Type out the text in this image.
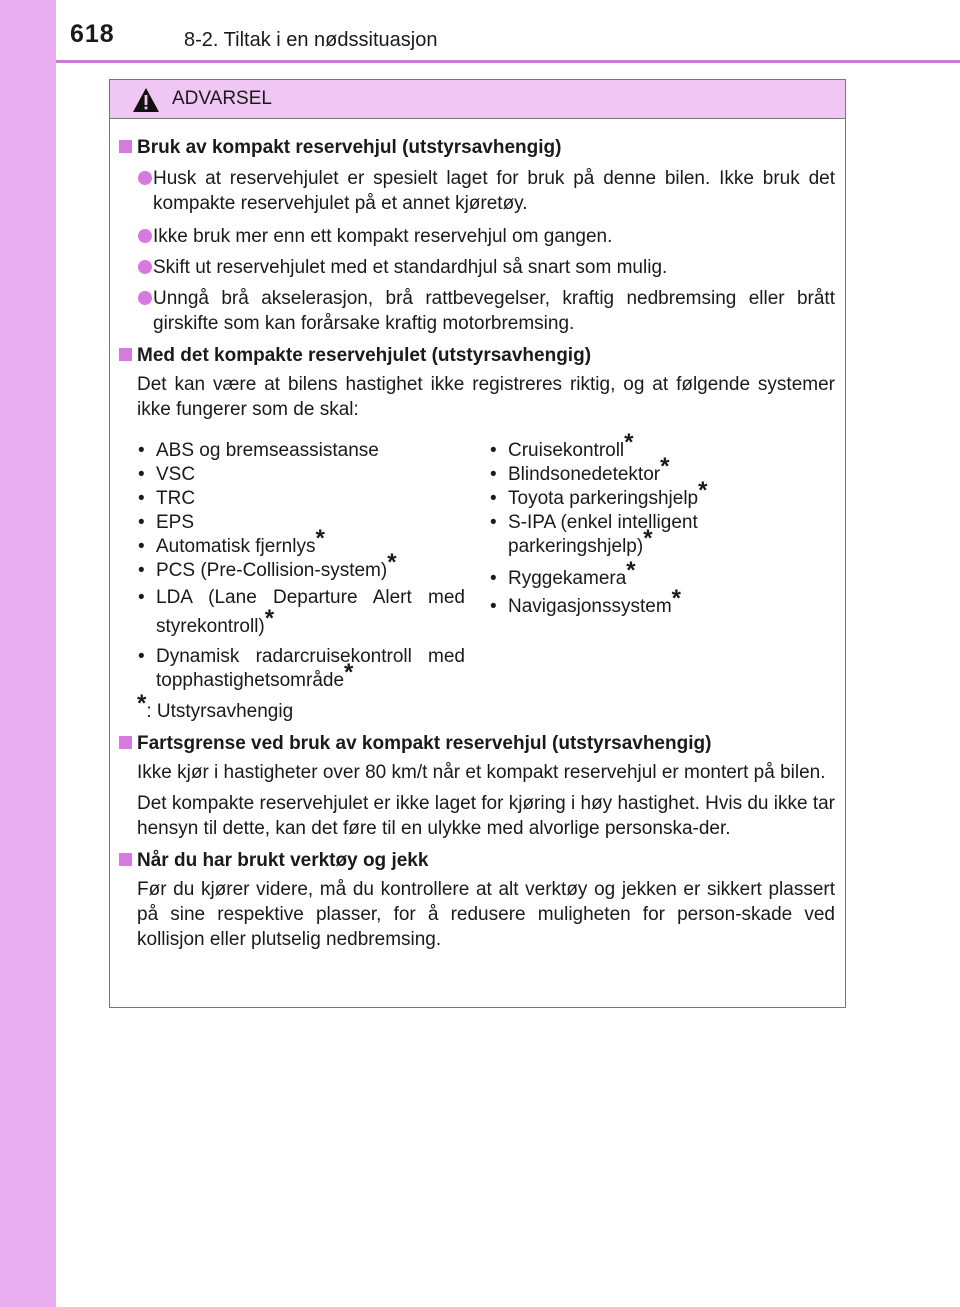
618	8-2. Tiltak i en nødssituasjon
ADVARSEL
Bruk av kompakt reservehjul (utstyrsavhengig)
Husk at reservehjulet er spesielt laget for bruk på denne bilen. Ikke bruk det kompakte reservehjulet på et annet kjøretøy.
Ikke bruk mer enn ett kompakt reservehjul om gangen.
Skift ut reservehjulet med et standardhjul så snart som mulig.
Unngå brå akselerasjon, brå rattbevegelser, kraftig nedbremsing eller brått girskifte som kan forårsake kraftig motorbremsing.
Med det kompakte reservehjulet (utstyrsavhengig)
Det kan være at bilens hastighet ikke registreres riktig, og at følgende systemer ikke fungerer som de skal:
• ABS og bremseassistanse
• VSC
• TRC
• EPS
• Automatisk fjernlys*
• PCS (Pre-Collision-system)*
• LDA (Lane Departure Alert med styrekontroll)*
• Dynamisk radarcruisekontroll med topphastighetsområde*
• Cruisekontroll*
• Blindsonedetektor*
• Toyota parkeringshjelp*
• S-IPA (enkel intelligent parkeringshjelp)*
• Ryggekamera*
• Navigasjonssystem*
*: Utstyrsavhengig
Fartsgrense ved bruk av kompakt reservehjul (utstyrsavhengig)
Ikke kjør i hastigheter over 80 km/t når et kompakt reservehjul er montert på bilen.
Det kompakte reservehjulet er ikke laget for kjøring i høy hastighet. Hvis du ikke tar hensyn til dette, kan det føre til en ulykke med alvorlige personska-der.
Når du har brukt verktøy og jekk
Før du kjører videre, må du kontrollere at alt verktøy og jekken er sikkert plassert på sine respektive plasser, for å redusere muligheten for person-skade ved kollisjon eller plutselig nedbremsing.
